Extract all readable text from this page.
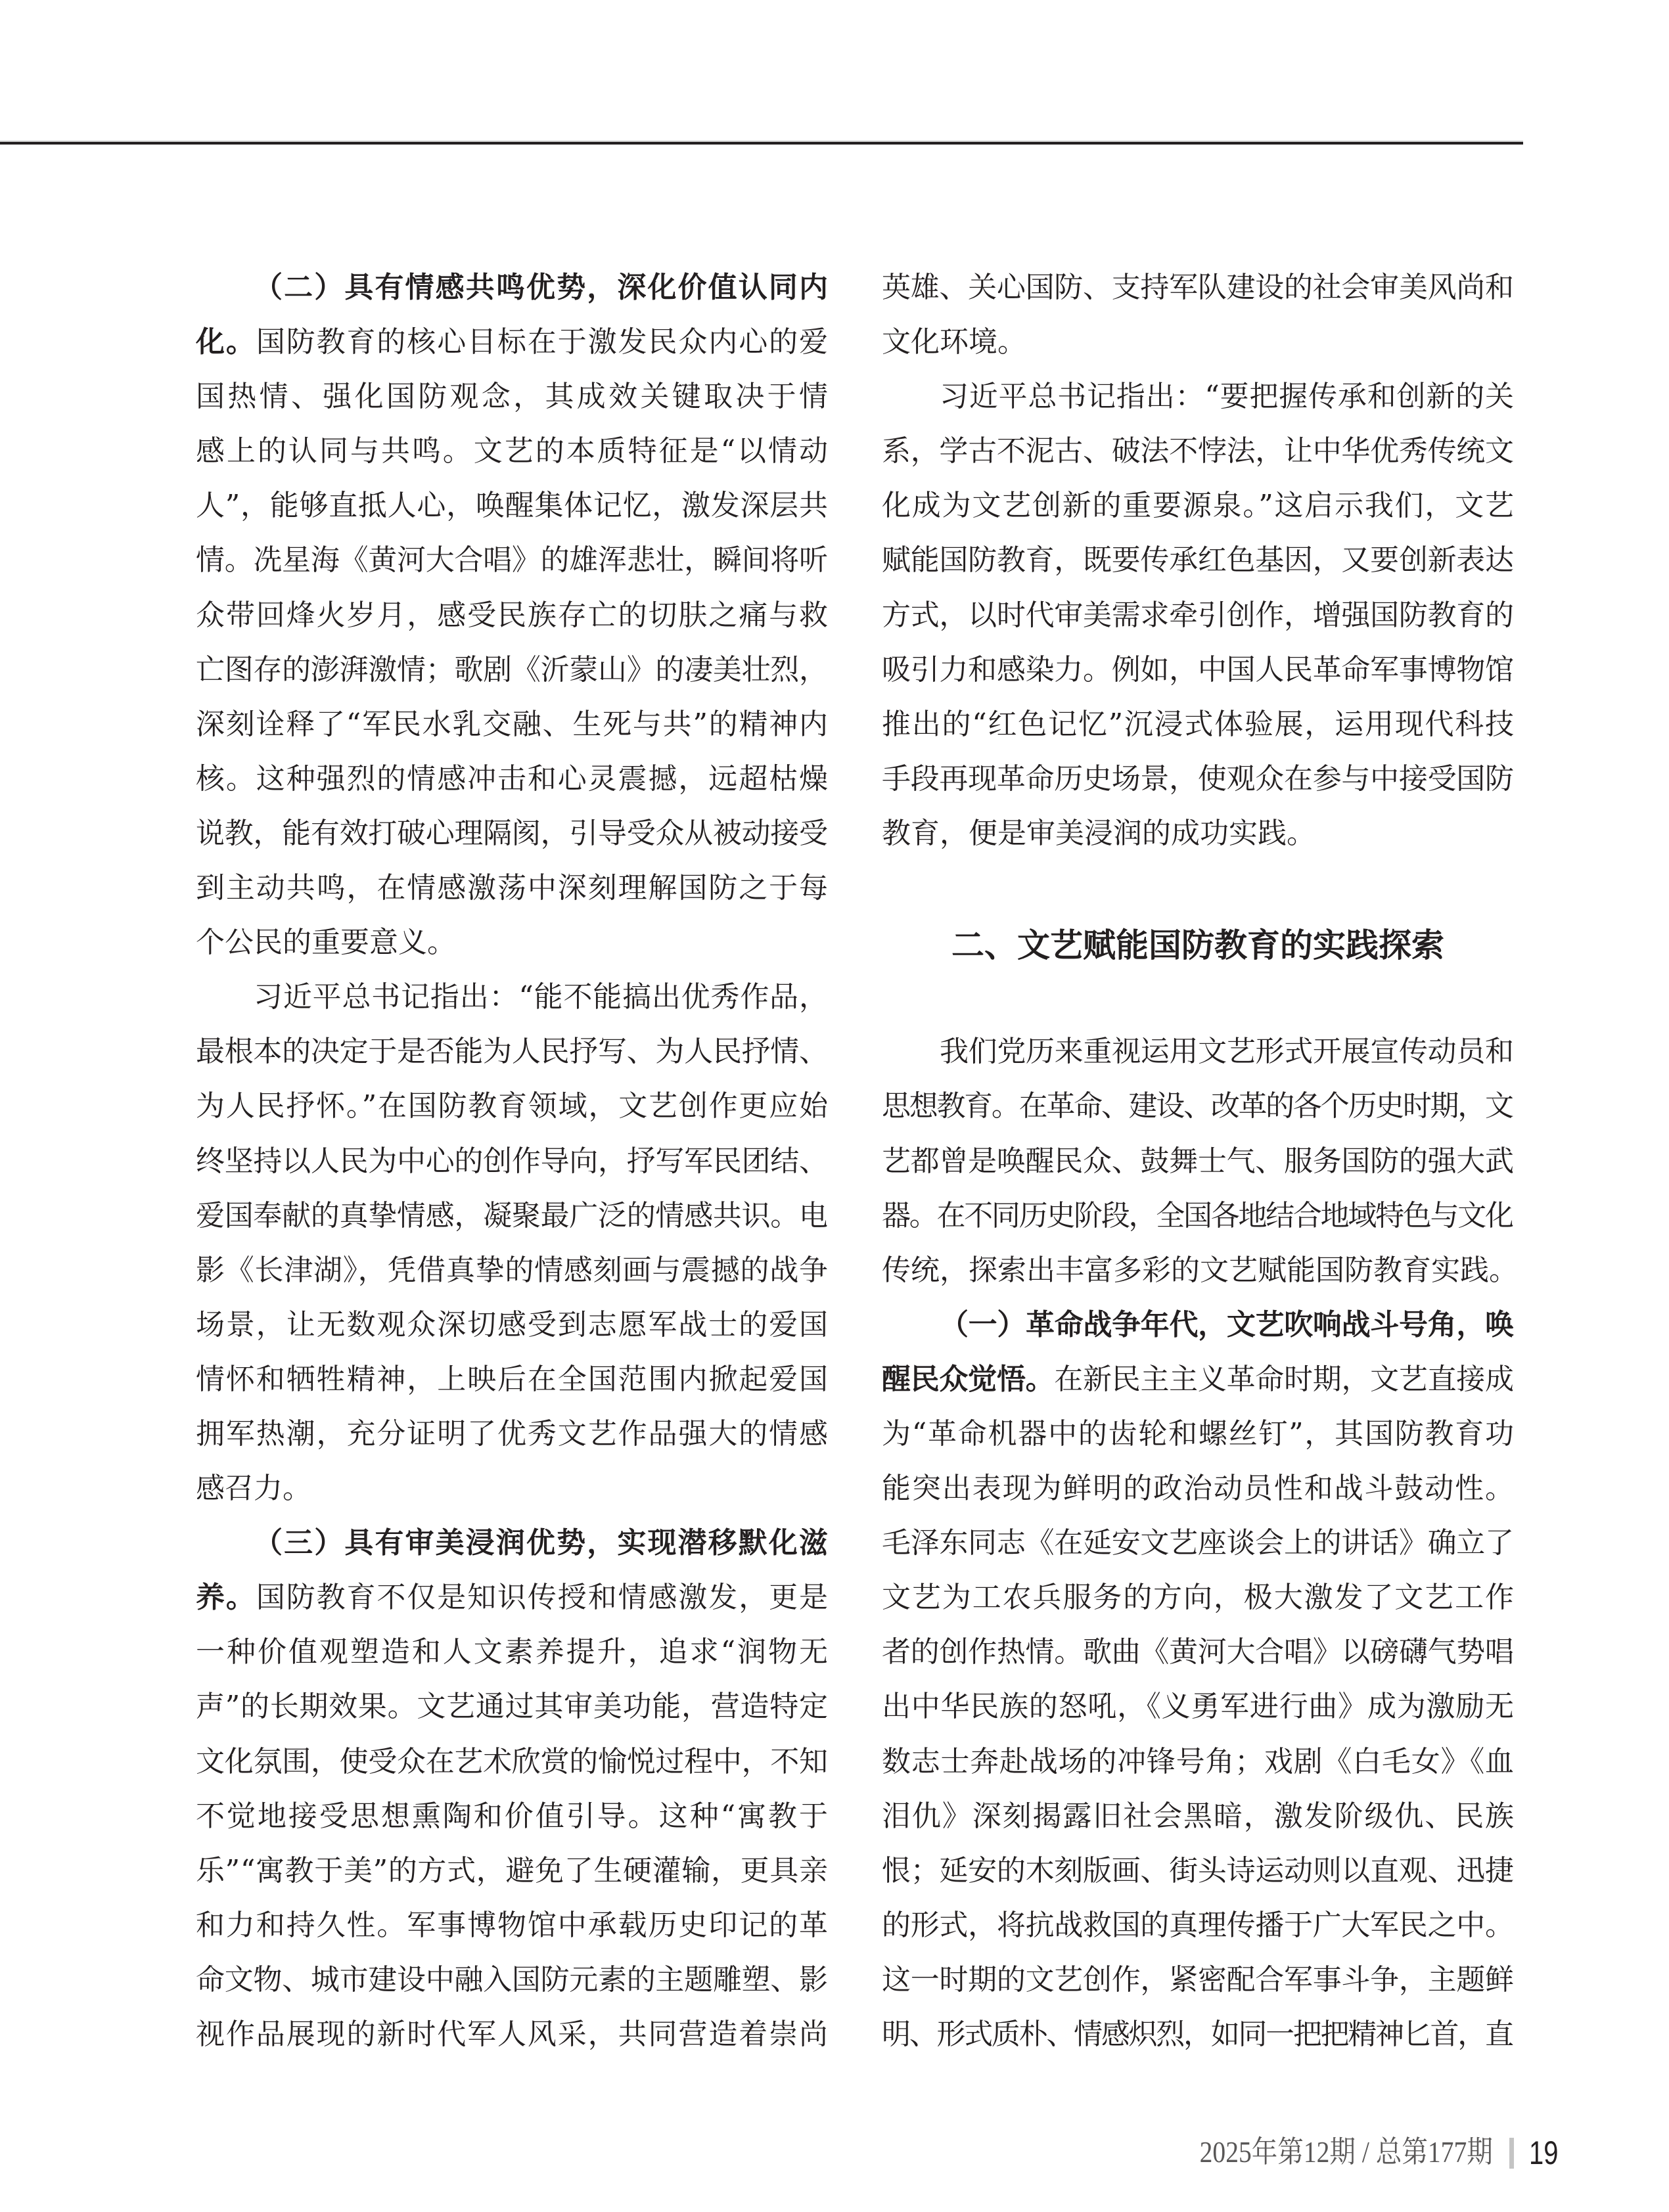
（二）具有情感共鸣优势，深化价值认同内
化。国防教育的核心目标在于激发民众内心的爱
国热情、强化国防观念，其成效关键取决于情
感上的认同与共鸣。文艺的本质特征是“以情动
人”，能够直抵人心，唤醒集体记忆，激发深层共
情。冼星海《黄河大合唱》的雄浑悲壮，瞬间将听
众带回烽火岁月，感受民族存亡的切肤之痛与救
亡图存的澎湃激情；歌剧《沂蒙山》的凄美壮烈，
深刻诠释了“军民水乳交融、生死与共”的精神内
核。这种强烈的情感冲击和心灵震撼，远超枯燥
说教，能有效打破心理隔阂，引导受众从被动接受
到主动共鸣，在情感激荡中深刻理解国防之于每
个公民的重要意义。
习近平总书记指出：“能不能搞出优秀作品，
最根本的决定于是否能为人民抒写、为人民抒情、
为人民抒怀。”在国防教育领域，文艺创作更应始
终坚持以人民为中心的创作导向，抒写军民团结、
爱国奉献的真挚情感，凝聚最广泛的情感共识。电
影《长津湖》，凭借真挚的情感刻画与震撼的战争
场景，让无数观众深切感受到志愿军战士的爱国
情怀和牺牲精神，上映后在全国范围内掀起爱国
拥军热潮，充分证明了优秀文艺作品强大的情感
感召力。
（三）具有审美浸润优势，实现潜移默化滋
养。国防教育不仅是知识传授和情感激发，更是
一种价值观塑造和人文素养提升，追求“润物无
声”的长期效果。文艺通过其审美功能，营造特定
文化氛围，使受众在艺术欣赏的愉悦过程中，不知
不觉地接受思想熏陶和价值引导。这种“寓教于
乐”“寓教于美”的方式，避免了生硬灌输，更具亲
和力和持久性。军事博物馆中承载历史印记的革
命文物、城市建设中融入国防元素的主题雕塑、影
视作品展现的新时代军人风采，共同营造着崇尚
英雄、关心国防、支持军队建设的社会审美风尚和
文化环境。
习近平总书记指出：“要把握传承和创新的关
系，学古不泥古、破法不悖法，让中华优秀传统文
化成为文艺创新的重要源泉。”这启示我们，文艺
赋能国防教育，既要传承红色基因，又要创新表达
方式，以时代审美需求牵引创作，增强国防教育的
吸引力和感染力。例如，中国人民革命军事博物馆
推出的“红色记忆”沉浸式体验展，运用现代科技
手段再现革命历史场景，使观众在参与中接受国防
教育，便是审美浸润的成功实践。
二、文艺赋能国防教育的实践探索
我们党历来重视运用文艺形式开展宣传动员和
思想教育。在革命、建设、改革的各个历史时期，文
艺都曾是唤醒民众、鼓舞士气、服务国防的强大武
器。在不同历史阶段，全国各地结合地域特色与文化
传统，探索出丰富多彩的文艺赋能国防教育实践。
（一）革命战争年代，文艺吹响战斗号角，唤
醒民众觉悟。在新民主主义革命时期，文艺直接成
为“革命机器中的齿轮和螺丝钉”，其国防教育功
能突出表现为鲜明的政治动员性和战斗鼓动性。
毛泽东同志《在延安文艺座谈会上的讲话》确立了
文艺为工农兵服务的方向，极大激发了文艺工作
者的创作热情。歌曲《黄河大合唱》以磅礴气势唱
出中华民族的怒吼，《义勇军进行曲》成为激励无
数志士奔赴战场的冲锋号角；戏剧《白毛女》《血
泪仇》深刻揭露旧社会黑暗，激发阶级仇、民族
恨；延安的木刻版画、街头诗运动则以直观、迅捷
的形式，将抗战救国的真理传播于广大军民之中。
这一时期的文艺创作，紧密配合军事斗争，主题鲜
明、形式质朴、情感炽烈，如同一把把精神匕首，直
2025年第12期 / 总第177期 19
